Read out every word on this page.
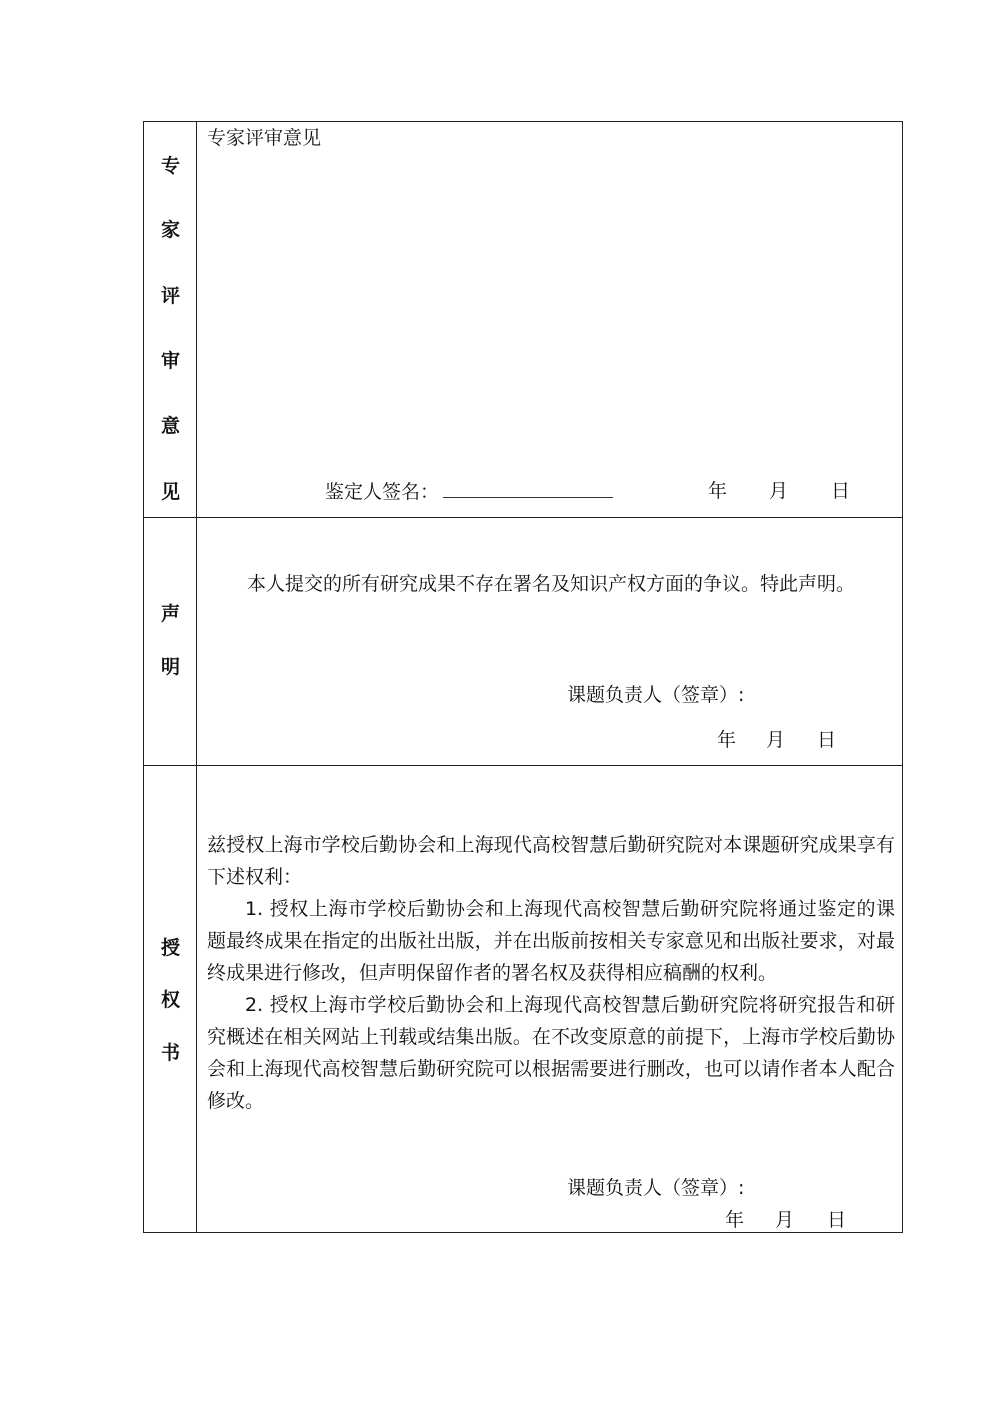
专
家
评
审
意
见
专家评审意见
鉴定人签名：	年 月 日
声
明
本人提交的所有研究成果不存在署名及知识产权方面的争议。特此声明。
课题负责人（签章）:
年 月 日
授
权
书
兹授权上海市学校后勤协会和上海现代高校智慧后勤研究院对本课题研究成果享有下述权利：
1. 授权上海市学校后勤协会和上海现代高校智慧后勤研究院将通过鉴定的课题最终成果在指定的出版社出版，并在出版前按相关专家意见和出版社要求，对最终成果进行修改，但声明保留作者的署名权及获得相应稿酬的权利。
2. 授权上海市学校后勤协会和上海现代高校智慧后勤研究院将研究报告和研究概述在相关网站上刊载或结集出版。在不改变原意的前提下，上海市学校后勤协会和上海现代高校智慧后勤研究院可以根据需要进行删改，也可以请作者本人配合修改。
课题负责人（签章）:
年 月 日
